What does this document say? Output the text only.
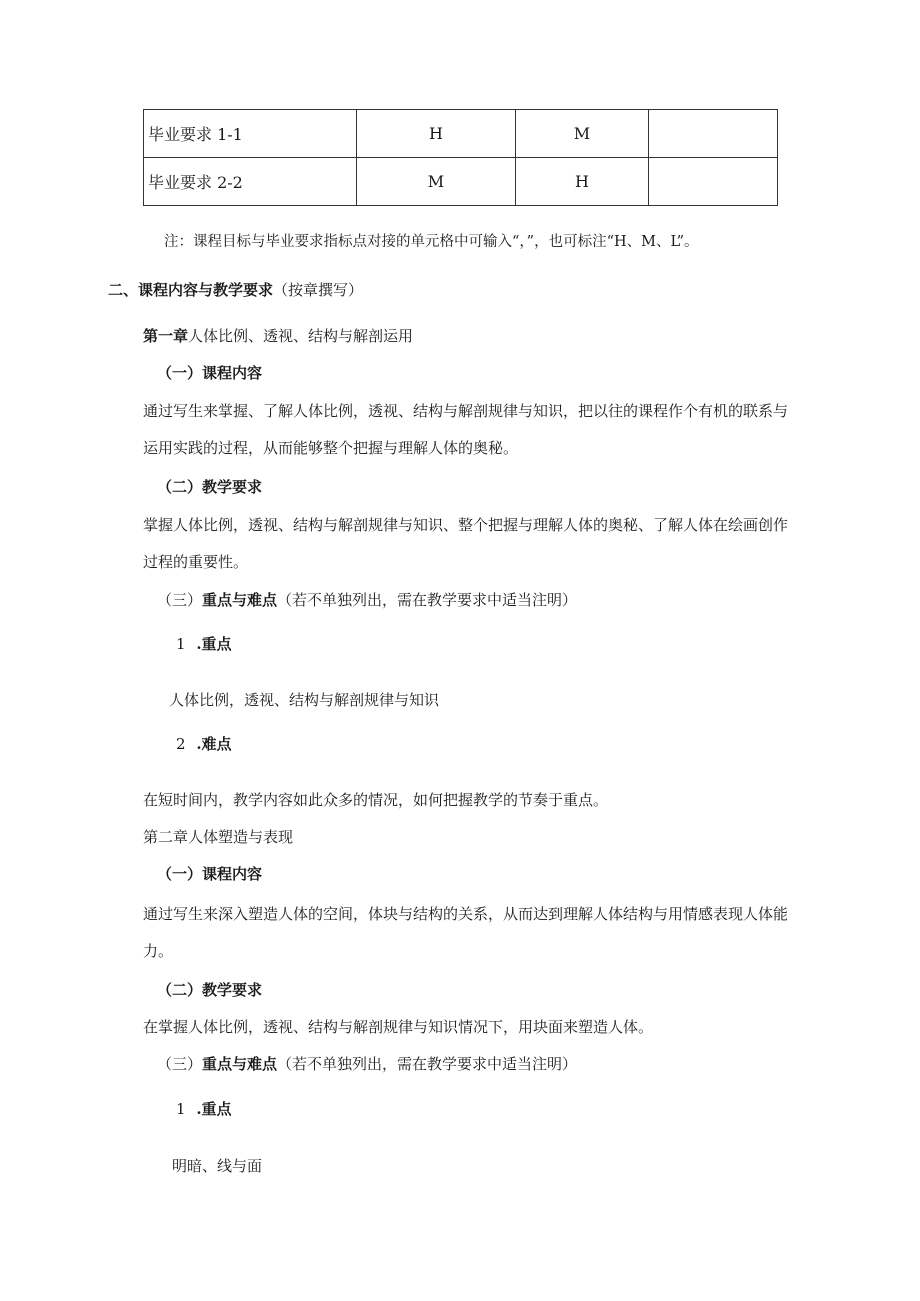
毕业要求 1-1	H	M	
毕业要求 2-2	M	H	
注：课程目标与毕业要求指标点对接的单元格中可输入“，”，也可标注“H、M、L”。
二、课程内容与教学要求（按章撰写）
第一章人体比例、透视、结构与解剖运用
（一）课程内容
通过写生来掌握、了解人体比例，透视、结构与解剖规律与知识，把以往的课程作个有机的联系与
运用实践的过程，从而能够整个把握与理解人体的奥秘。
（二）教学要求
掌握人体比例，透视、结构与解剖规律与知识、整个把握与理解人体的奥秘、了解人体在绘画创作
过程的重要性。
（三）重点与难点（若不单独列出，需在教学要求中适当注明）
1 .重点
人体比例，透视、结构与解剖规律与知识
2 .难点
在短时间内，教学内容如此众多的情况，如何把握教学的节奏于重点。
第二章人体塑造与表现
（一）课程内容
通过写生来深入塑造人体的空间，体块与结构的关系，从而达到理解人体结构与用情感表现人体能
力。
（二）教学要求
在掌握人体比例，透视、结构与解剖规律与知识情况下，用块面来塑造人体。
（三）重点与难点（若不单独列出，需在教学要求中适当注明）
1 .重点
明暗、线与面
